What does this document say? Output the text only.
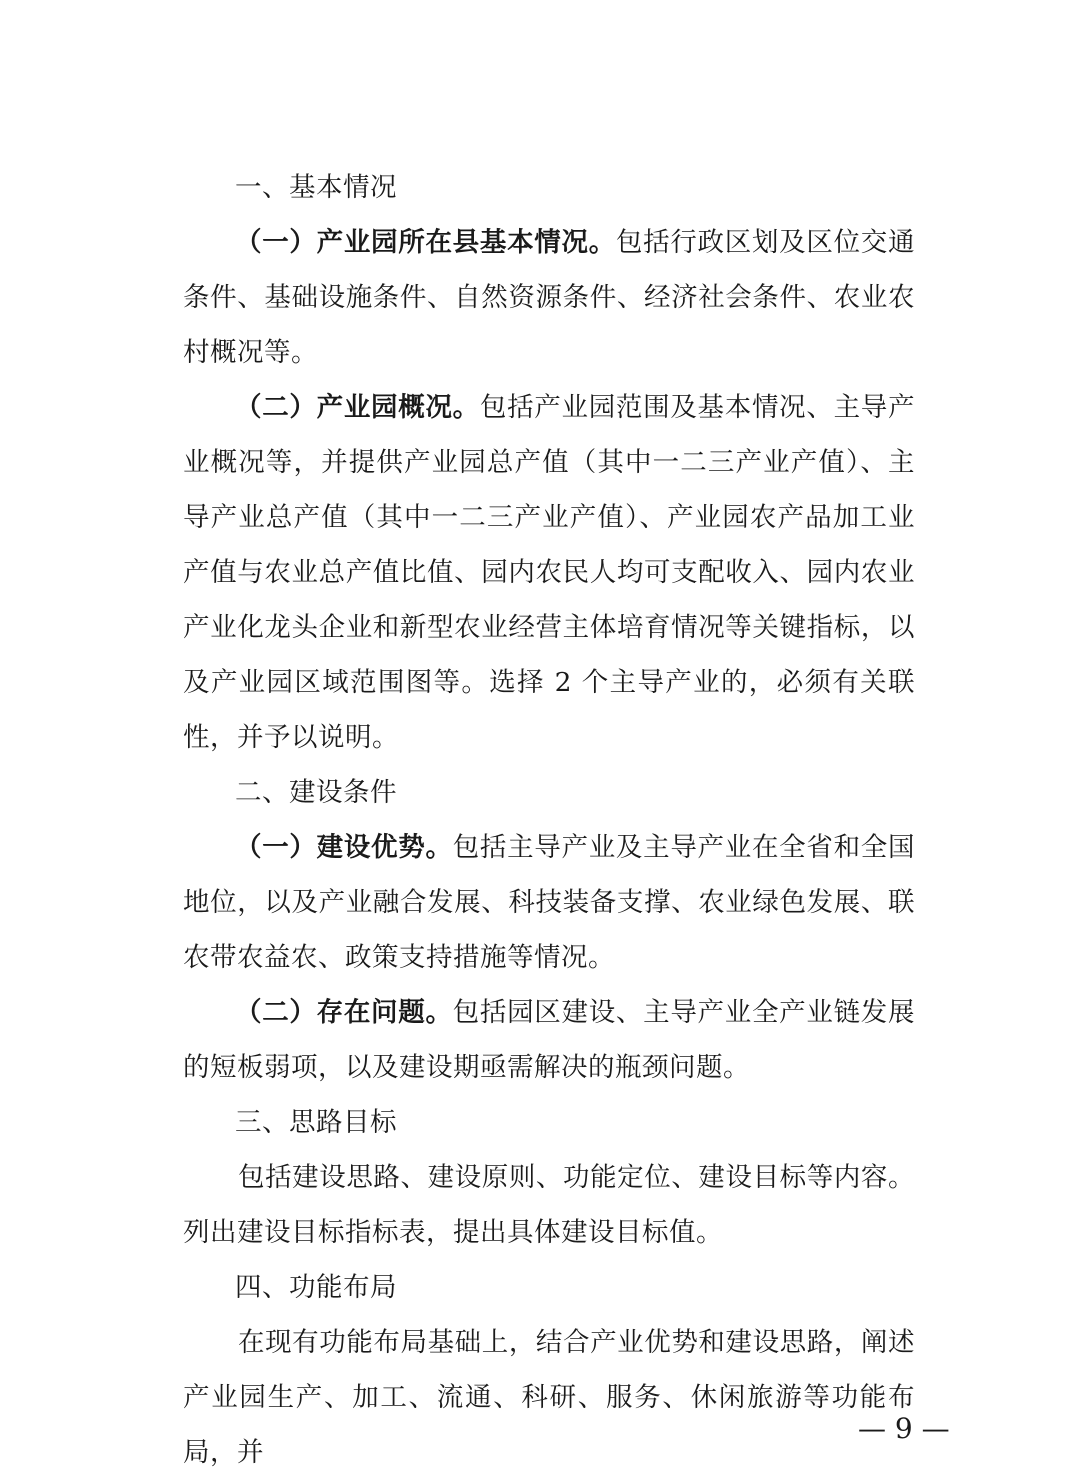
一、基本情况

（一）产业园所在县基本情况。包括行政区划及区位交通条件、基础设施条件、自然资源条件、经济社会条件、农业农村概况等。

（二）产业园概况。包括产业园范围及基本情况、主导产业概况等，并提供产业园总产值（其中一二三产业产值）、主导产业总产值（其中一二三产业产值）、产业园农产品加工业产值与农业总产值比值、园内农民人均可支配收入、园内农业产业化龙头企业和新型农业经营主体培育情况等关键指标，以及产业园区域范围图等。选择 2 个主导产业的，必须有关联性，并予以说明。

二、建设条件

（一）建设优势。包括主导产业及主导产业在全省和全国地位，以及产业融合发展、科技装备支撑、农业绿色发展、联农带农益农、政策支持措施等情况。

（二）存在问题。包括园区建设、主导产业全产业链发展的短板弱项，以及建设期亟需解决的瓶颈问题。

三、思路目标

包括建设思路、建设原则、功能定位、建设目标等内容。列出建设目标指标表，提出具体建设目标值。

四、功能布局

在现有功能布局基础上，结合产业优势和建设思路，阐述产业园生产、加工、流通、科研、服务、休闲旅游等功能布局，并

— 9 —
